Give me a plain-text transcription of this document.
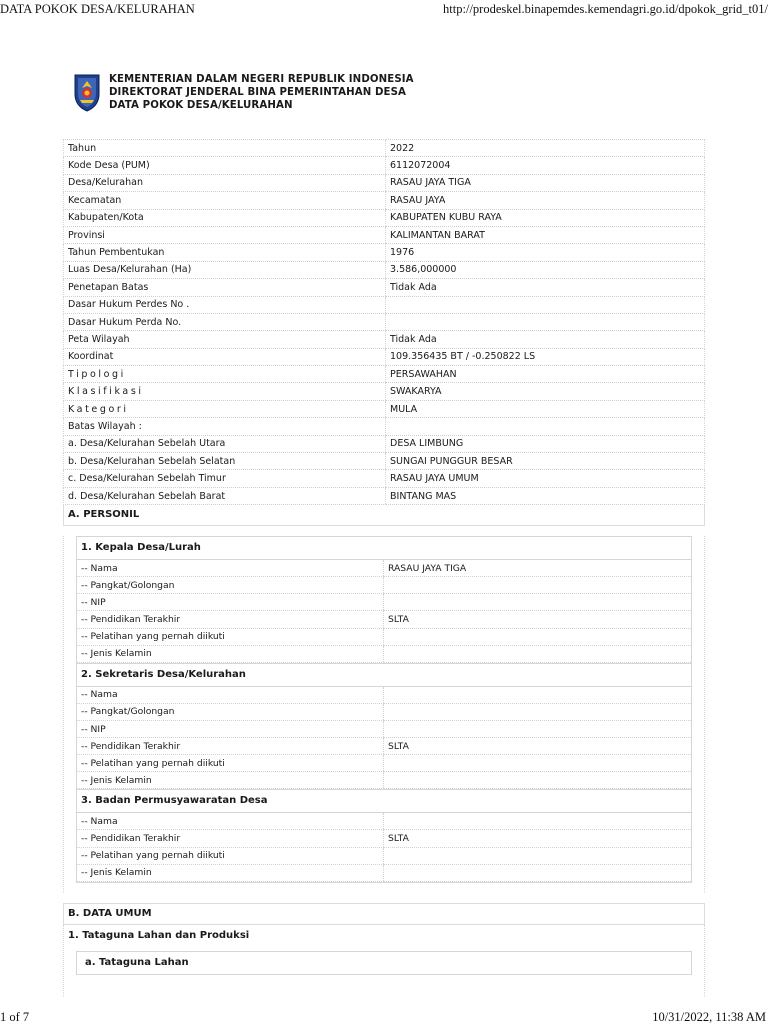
DATA POKOK DESA/KELURAHAN	http://prodeskel.binapemdes.kemendagri.go.id/dpokok_grid_t01/
KEMENTERIAN DALAM NEGERI REPUBLIK INDONESIA
DIREKTORAT JENDERAL BINA PEMERINTAHAN DESA
DATA POKOK DESA/KELURAHAN
Tahun	2022
Kode Desa (PUM)	6112072004
Desa/Kelurahan	RASAU JAYA TIGA
Kecamatan	RASAU JAYA
Kabupaten/Kota	KABUPATEN KUBU RAYA
Provinsi	KALIMANTAN BARAT
Tahun Pembentukan	1976
Luas Desa/Kelurahan (Ha)	3.586,000000
Penetapan Batas	Tidak Ada
Dasar Hukum Perdes No .	
Dasar Hukum Perda No.	
Peta Wilayah	Tidak Ada
Koordinat	109.356435 BT / -0.250822 LS
Tipologi	PERSAWAHAN
Klasifikasi	SWAKARYA
Kategori	MULA
Batas Wilayah :	
a. Desa/Kelurahan Sebelah Utara	DESA LIMBUNG
b. Desa/Kelurahan Sebelah Selatan	SUNGAI PUNGGUR BESAR
c. Desa/Kelurahan Sebelah Timur	RASAU JAYA UMUM
d. Desa/Kelurahan Sebelah Barat	BINTANG MAS
A. PERSONIL
1. Kepala Desa/Lurah
-- Nama	RASAU JAYA TIGA
-- Pangkat/Golongan	
-- NIP	
-- Pendidikan Terakhir	SLTA
-- Pelatihan yang pernah diikuti	
-- Jenis Kelamin	
2. Sekretaris Desa/Kelurahan
-- Nama	
-- Pangkat/Golongan	
-- NIP	
-- Pendidikan Terakhir	SLTA
-- Pelatihan yang pernah diikuti	
-- Jenis Kelamin	
3. Badan Permusyawaratan Desa
-- Nama	
-- Pendidikan Terakhir	SLTA
-- Pelatihan yang pernah diikuti	
-- Jenis Kelamin	
B. DATA UMUM
1. Tataguna Lahan dan Produksi
a. Tataguna Lahan
1 of 7	10/31/2022, 11:38 AM
